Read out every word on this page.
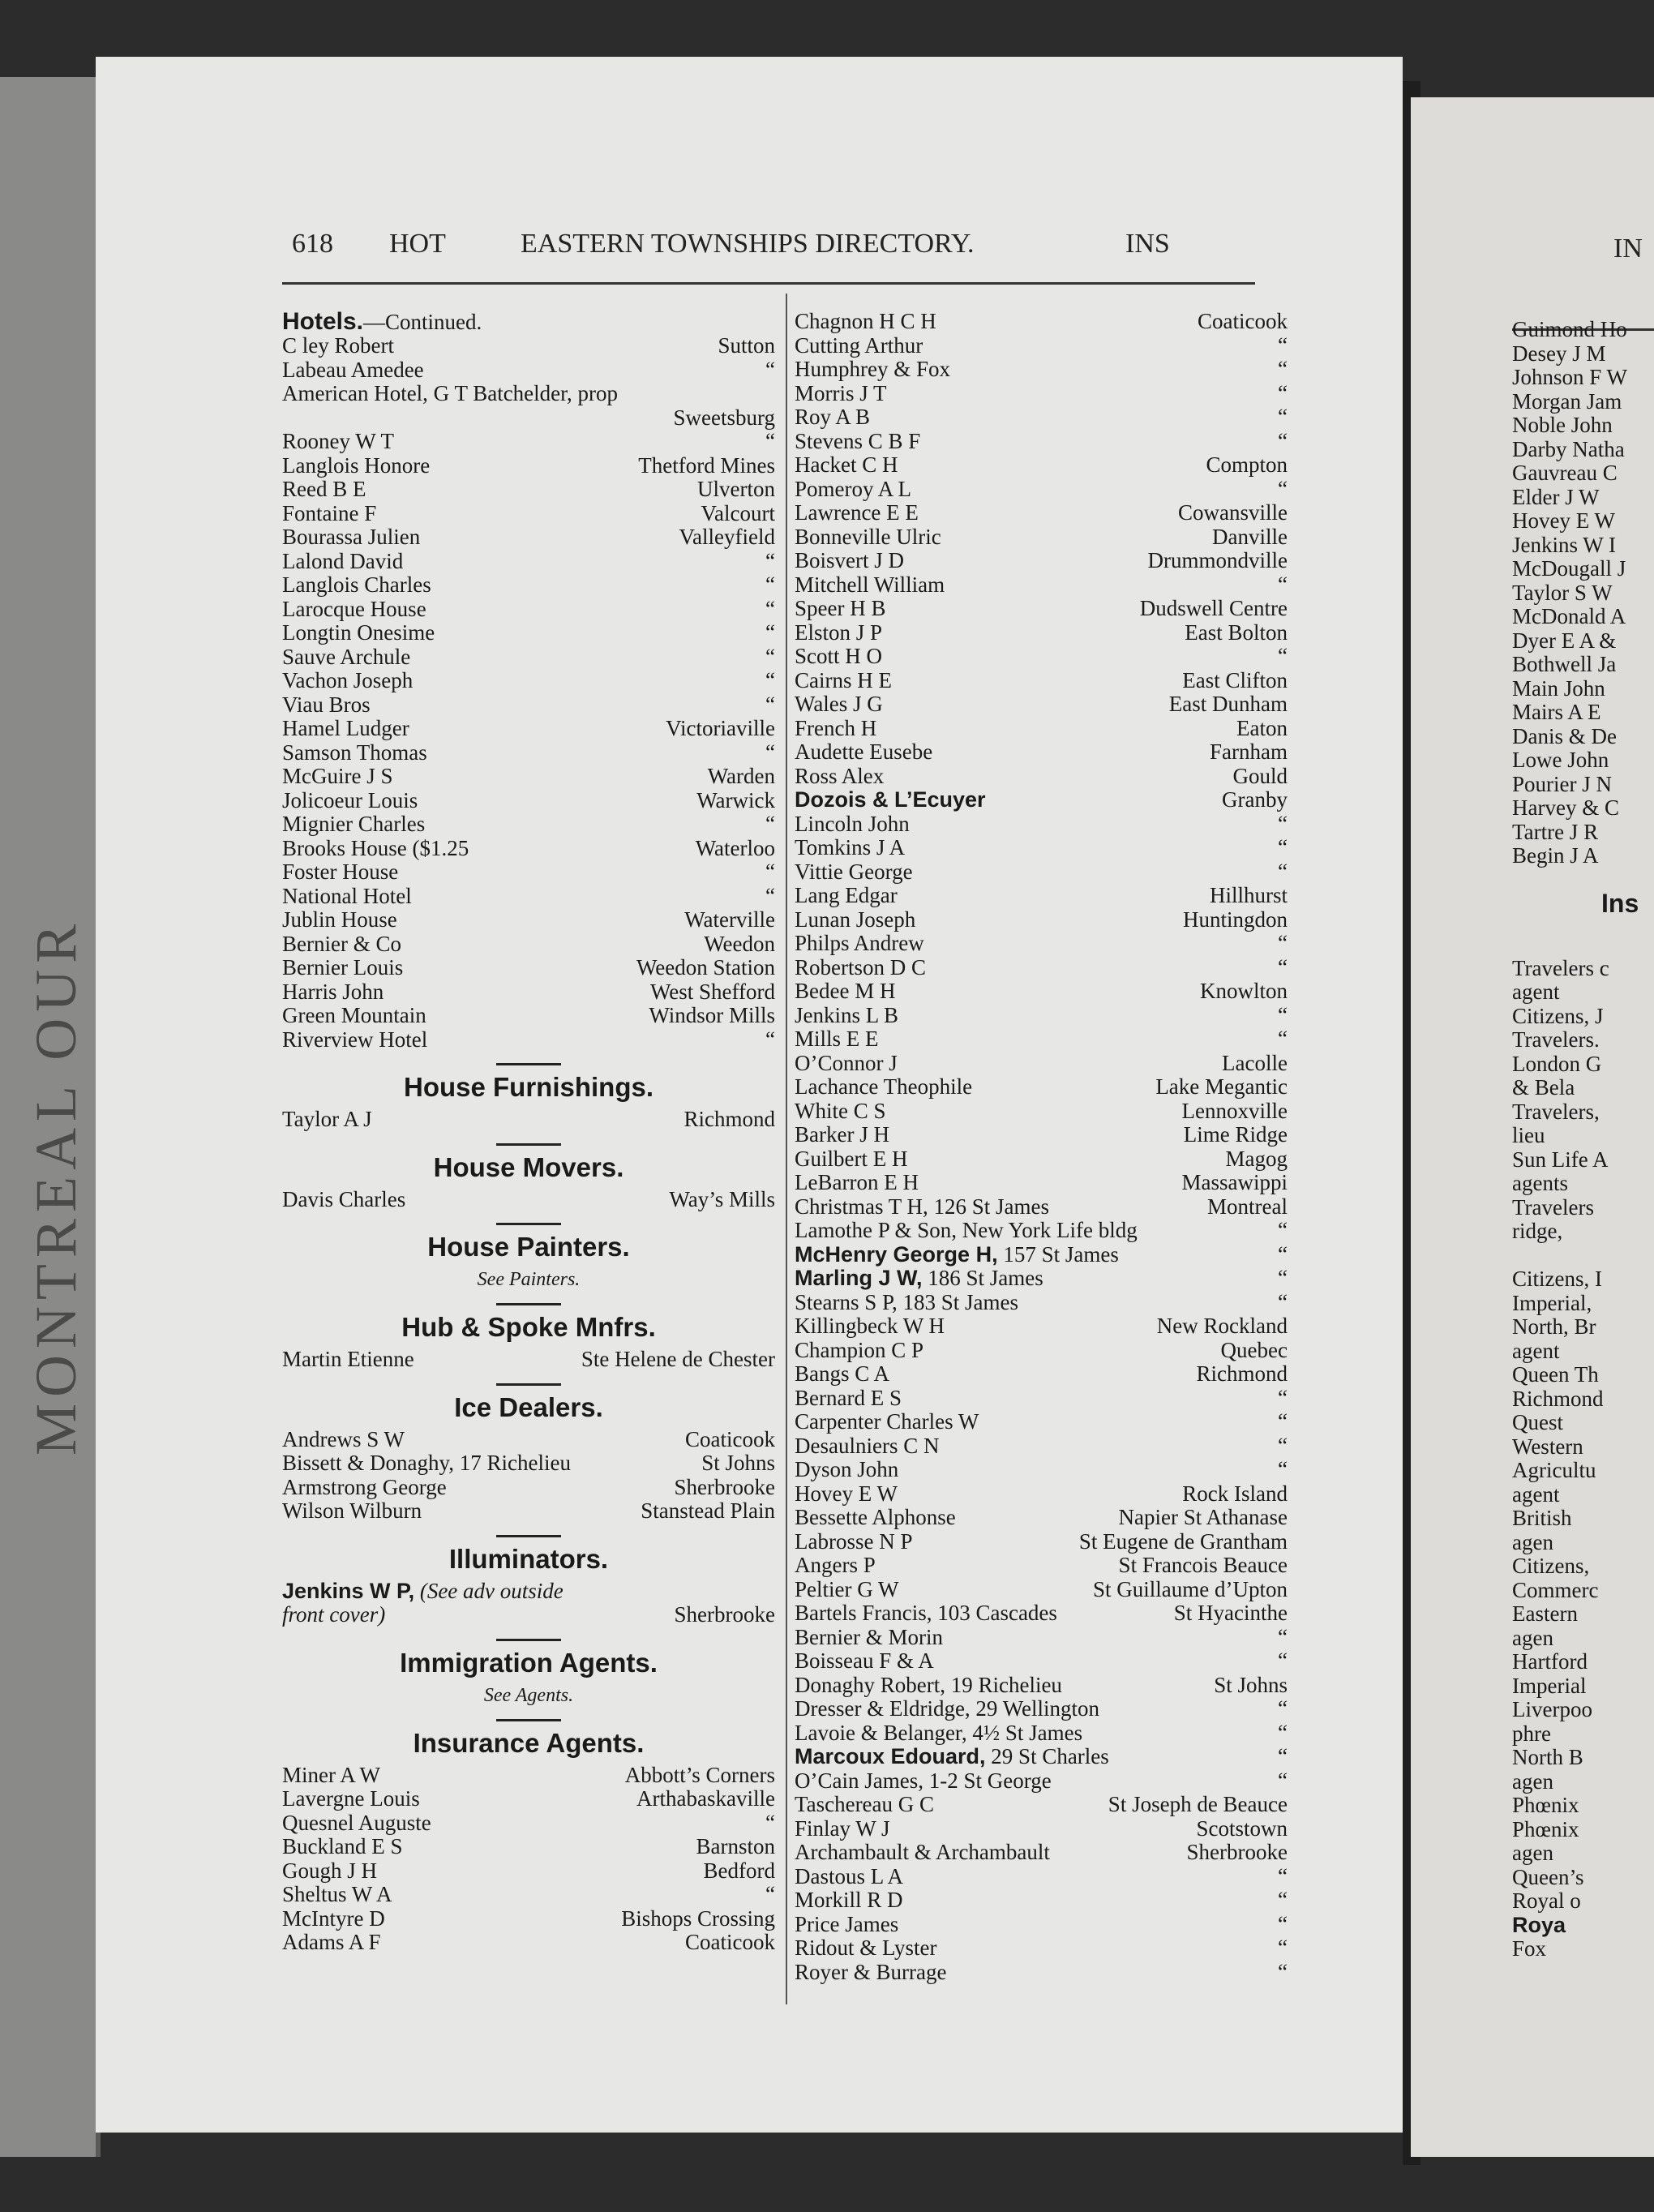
MONTREAL OUR
618 HOT	EASTERN TOWNSHIPS DIRECTORY.	INS
Hotels.—Continued.
C ley Robert	Sutton
Labeau Amedee	“
American Hotel, G T Batchelder, prop
Sweetsburg
Rooney W T	“
Langlois Honore	Thetford Mines
Reed B E	Ulverton
Fontaine F	Valcourt
Bourassa Julien	Valleyfield
Lalond David	“
Langlois Charles	“
Larocque House	“
Longtin Onesime	“
Sauve Archule	“
Vachon Joseph	“
Viau Bros	“
Hamel Ludger	Victoriaville
Samson Thomas	“
McGuire J S	Warden
Jolicoeur Louis	Warwick
Mignier Charles	“
Brooks House ($1.25	Waterloo
Foster House	“
National Hotel	“
Jublin House	Waterville
Bernier & Co	Weedon
Bernier Louis	Weedon Station
Harris John	West Shefford
Green Mountain	Windsor Mills
Riverview Hotel	“
House Furnishings.
Taylor A J	Richmond
House Movers.
Davis Charles	Way’s Mills
House Painters.
See Painters.
Hub & Spoke Mnfrs.
Martin Etienne	Ste Helene de Chester
Ice Dealers.
Andrews S W	Coaticook
Bissett & Donaghy, 17 Richelieu	St Johns
Armstrong George	Sherbrooke
Wilson Wilburn	Stanstead Plain
Illuminators.
Jenkins W P, (See adv outside
front cover)	Sherbrooke
Immigration Agents.
See Agents.
Insurance Agents.
Miner A W	Abbott’s Corners
Lavergne Louis	Arthabaskaville
Quesnel Auguste	“
Buckland E S	Barnston
Gough J H	Bedford
Sheltus W A	“
McIntyre D	Bishops Crossing
Adams A F	Coaticook
Chagnon H C H	Coaticook
Cutting Arthur	“
Humphrey & Fox	“
Morris J T	“
Roy A B	“
Stevens C B F	“
Hacket C H	Compton
Pomeroy A L	“
Lawrence E E	Cowansville
Bonneville Ulric	Danville
Boisvert J D	Drummondville
Mitchell William	“
Speer H B	Dudswell Centre
Elston J P	East Bolton
Scott H O	“
Cairns H E	East Clifton
Wales J G	East Dunham
French H	Eaton
Audette Eusebe	Farnham
Ross Alex	Gould
Dozois & L’Ecuyer	Granby
Lincoln John	“
Tomkins J A	“
Vittie George	“
Lang Edgar	Hillhurst
Lunan Joseph	Huntingdon
Philps Andrew	“
Robertson D C	“
Bedee M H	Knowlton
Jenkins L B	“
Mills E E	“
O’Connor J	Lacolle
Lachance Theophile	Lake Megantic
White C S	Lennoxville
Barker J H	Lime Ridge
Guilbert E H	Magog
LeBarron E H	Massawippi
Christmas T H, 126 St James	Montreal
Lamothe P & Son, New York Life bldg	“
McHenry George H, 157 St James	“
Marling J W, 186 St James	“
Stearns S P, 183 St James	“
Killingbeck W H	New Rockland
Champion C P	Quebec
Bangs C A	Richmond
Bernard E S	“
Carpenter Charles W	“
Desaulniers C N	“
Dyson John	“
Hovey E W	Rock Island
Bessette Alphonse	Napier St Athanase
Labrosse N P	St Eugene de Grantham
Angers P	St Francois Beauce
Peltier G W	St Guillaume d’Upton
Bartels Francis, 103 Cascades	St Hyacinthe
Bernier & Morin	“
Boisseau F & A	“
Donaghy Robert, 19 Richelieu	St Johns
Dresser & Eldridge, 29 Wellington	“
Lavoie & Belanger, 4½ St James	“
Marcoux Edouard, 29 St Charles	“
O’Cain James, 1-2 St George	“
Taschereau G C	St Joseph de Beauce
Finlay W J	Scotstown
Archambault & Archambault	Sherbrooke
Dastous L A	“
Morkill R D	“
Price James	“
Ridout & Lyster	“
Royer & Burrage	“
IN
Guimond Ho
Desey J M
Johnson F W
Morgan Jam
Noble John
Darby Natha
Gauvreau C
Elder J W
Hovey E W
Jenkins W I
McDougall J
Taylor S W
McDonald A
Dyer E A &
Bothwell Ja
Main John
Mairs A E
Danis & De
Lowe John
Pourier J N
Harvey & C
Tartre J R
Begin J A
Ins
Travelers c
agent
Citizens, J
Travelers.
London G
& Bela
Travelers,
lieu
Sun Life A
agents
Travelers
ridge,
Citizens, I
Imperial,
North, Br
agent
Queen Th
Richmond
Quest
Western
Agricultu
agent
British
agen
Citizens,
Commerc
Eastern
agen
Hartford
Imperial
Liverpoo
phre
North B
agen
Phœnix
Phœnix
agen
Queen’s
Royal o
Roya
Fox
